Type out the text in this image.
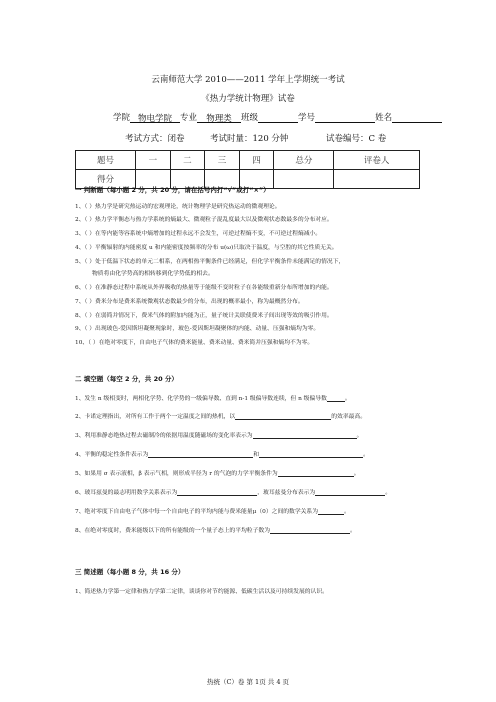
云南师范大学 2010——2011 学年上学期统一考试
《热力学统计物理》试卷
学院 物电学院 专业 物理类 班级	学号	姓名
考试方式：闭卷	考试时量：120 分钟	试卷编号：C 卷
题号	一	二	三	四	总分	评卷人
得分						
一 判断题（每小题 2 分，共 20 分，请在括号内打“√”或打“×”）
1、（ ）热力学是研究热运动的宏观理论，统计物理学是研究热运动的微观理论。
2、（ ）热力学平衡态与热力学系统的熵最大、微观粒子混乱度最大以及微观状态数最多的分布对应。
3、（ ）在等内能等容系统中熵增加的过程永远不会发生，可逆过程熵不变，不可逆过程熵减小。
4、（ ）平衡辐射的内能密度 u 和内能密度按频率的分布 u(ω)只取决于温度，与空腔的其它性质无关。
5、（ ）处于低温下状态的单元二相系，在两相热平衡条件已经满足，但化学平衡条件未能满足的情况下，
物质将由化学势高的相转移到化学势低的相去。
6、（ ）在准静态过程中系统从外界吸收的热量等于能级不变时粒子在各能级重新分布所增加的内能。
7、（ ）费米分布是费米系统微观状态数最少的分布，出现的概率最小，称为最概然分布。
8、（ ）在弱简并情况下，费米气体的附加内能为正，量子统计关联使费米子间出现等效的吸引作用。
9、（ ）出现玻色-爱因斯坦凝聚现象时，玻色-爱因斯坦凝聚体的内能、动量、压强和熵均为零。
10、（ ）在绝对零度下，自由电子气体的费米能量、费米动量、费米简并压强和熵均不为零。
二 填空题（每空 2 分，共 20 分）
1、发生 n 级相变时，两相化学势、化学势的一级偏导数、直到 n-1 级偏导数连续，但 n 级偏导数	。
2、卡诺定理指出，对所有工作于两个一定温度之间的热机，以	的效率最高。
3、利用准静态绝热过程去磁制冷的依据用温度随磁场的变化率表示为	。
4、平衡的稳定性条件表示为	和	。
5、如果用 σ 表示液相，β 表示气相，则形成半径为 r 的气泡的力学平衡条件为	。
6、玻耳兹曼的最志明用数学关系表示为	，玻耳兹曼分布表示为	。
7、绝对零度下自由电子气体中每一个自由电子的平均内能与费米能量μ（0）之间的数学关系为	。
8、在绝对零度时，费米能级以下的所有能级的一个量子态上的平均粒子数为	。
三 简述题（每小题 8 分，共 16 分）
1、简述热力学第一定律和热力学第二定律，谈谈你对节约能源、低碳生活以及可持续发展的认识。
热统（C）卷 第 1页 共 4 页
